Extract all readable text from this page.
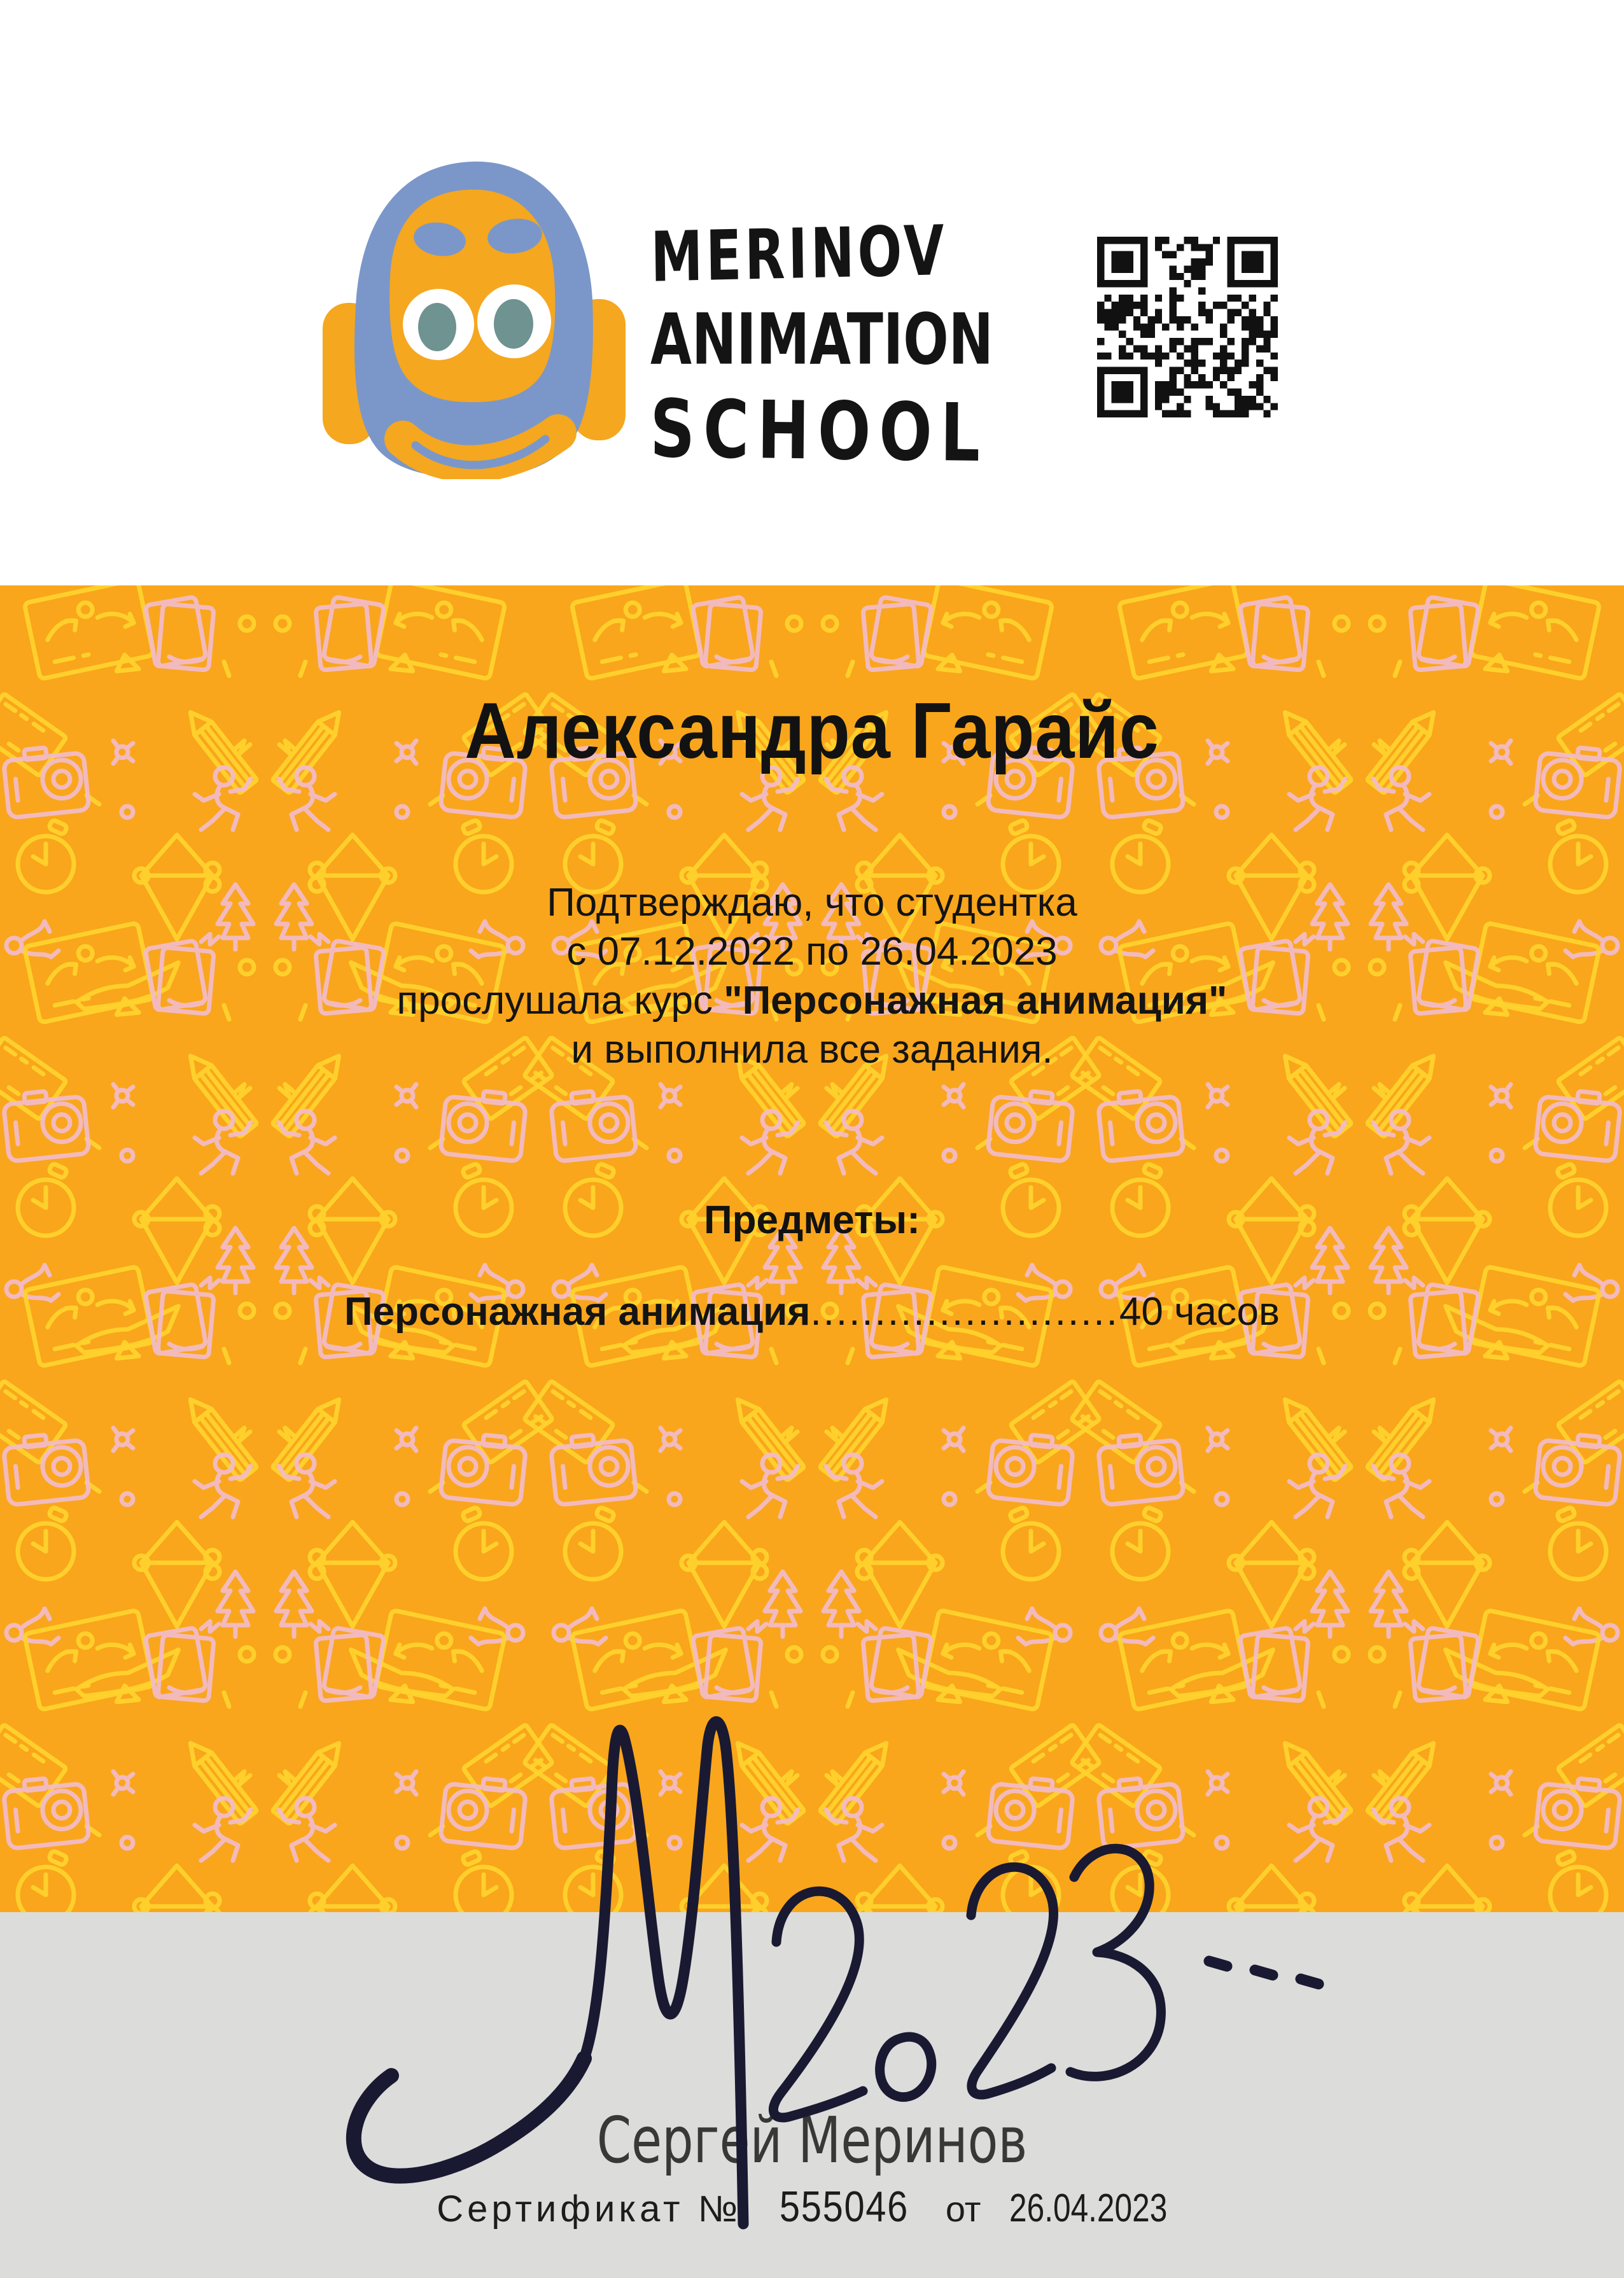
MERINOV
ANIMATION
SCHOOL
Александра Гарайс
Подтверждаю, что студентка
с 07.12.2022 по 26.04.2023
прослушала курс "Персонажная анимация"
и выполнила все задания.
Предметы:
Персонажная анимация........................40 часов
Сергей Меринов
Сертификат № 555046 от 26.04.2023
